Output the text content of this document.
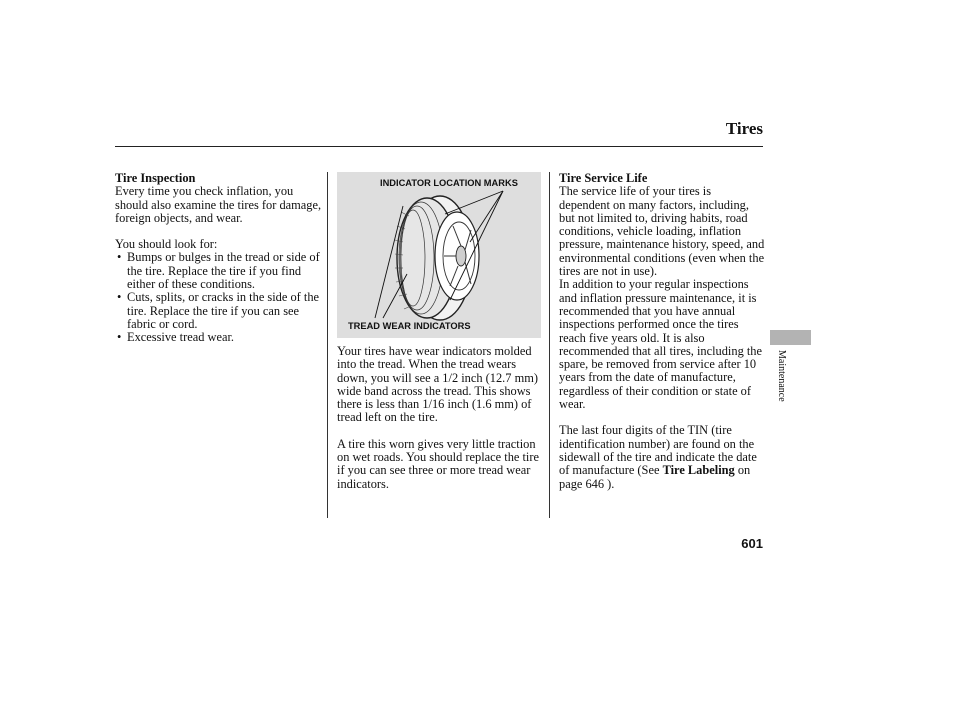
Tires
Tire Inspection

Every time you check inflation, you should also examine the tires for damage, foreign objects, and wear.

You should look for:

• Bumps or bulges in the tread or side of the tire. Replace the tire if you find either of these conditions.

• Cuts, splits, or cracks in the side of the tire. Replace the tire if you can see fabric or cord.

• Excessive tread wear.

INDICATOR LOCATION MARKS
TREAD WEAR INDICATORS

Your tires have wear indicators molded into the tread. When the tread wears down, you will see a 1/2 inch (12.7 mm) wide band across the tread. This shows there is less than 1/16 inch (1.6 mm) of tread left on the tire.

A tire this worn gives very little traction on wet roads. You should replace the tire if you can see three or more tread wear indicators.

Tire Service Life

The service life of your tires is dependent on many factors, including, but not limited to, driving habits, road conditions, vehicle loading, inflation pressure, maintenance history, speed, and environmental conditions (even when the tires are not in use).

In addition to your regular inspections and inflation pressure maintenance, it is recommended that you have annual inspections performed once the tires reach five years old. It is also recommended that all tires, including the spare, be removed from service after 10 years from the date of manufacture, regardless of their condition or state of wear.

The last four digits of the TIN (tire identification number) are found on the sidewall of the tire and indicate the date of manufacture (See Tire Labeling on page 646 ).

Maintenance
601
